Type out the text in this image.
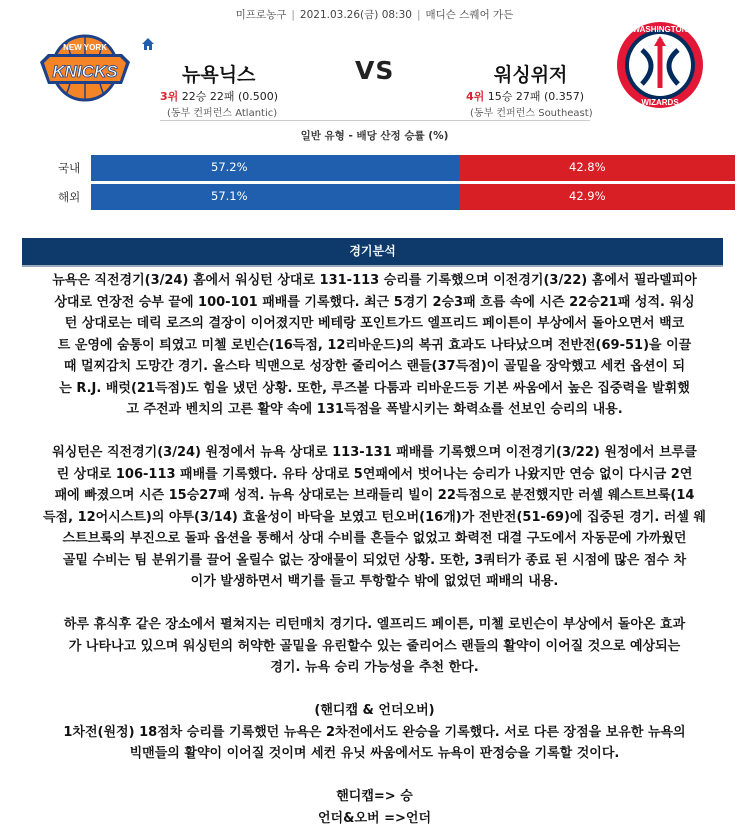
미프로농구 | 2021.03.26(금) 08:30 | 매디슨 스퀘어 가든
NEW YORK
KNICKS	뉴욕닉스
3위 22승 22패 (0.500)
(동부 컨퍼런스 Atlantic)
VS	워싱위저
4위 15승 27패 (0.357)
(동부 컨퍼런스 Southeast)
WASHINGTON
WIZARDS
일반 유형 - 배당 산정 승률 (%)
국내	57.2%	42.8%
해외	57.1%	42.9%
경기분석

뉴욕은 직전경기(3/24) 홈에서 워싱턴 상대로 131-113 승리를 기록했으며 이전경기(3/22) 홈에서 필라델피아

상대로 연장전 승부 끝에 100-101 패배를 기록했다. 최근 5경기 2승3패 흐름 속에 시즌 22승21패 성적. 워싱

턴 상대로는 데릭 로즈의 결장이 이어졌지만 베테랑 포인트가드 엘프리드 페이튼이 부상에서 돌아오면서 백코

트 운영에 숨통이 틔였고 미첼 로빈슨(16득점, 12리바운드)의 복귀 효과도 나타났으며 전반전(69-51)을 이끌

때 멀찌감치 도망간 경기. 올스타 빅맨으로 성장한 줄리어스 랜들(37득점)이 골밑을 장악했고 세컨 옵션이 되

는 R.J. 배럿(21득점)도 힘을 냈던 상황. 또한, 루즈볼 다툼과 리바운드등 기본 싸움에서 높은 집중력을 발휘했

고 주전과 벤치의 고른 활약 속에 131득점을 폭발시키는 화력쇼를 선보인 승리의 내용.

워싱턴은 직전경기(3/24) 원정에서 뉴욕 상대로 113-131 패배를 기록했으며 이전경기(3/22) 원정에서 브루클

린 상대로 106-113 패배를 기록했다. 유타 상대로 5연패에서 벗어나는 승리가 나왔지만 연승 없이 다시금 2연

패에 빠졌으며 시즌 15승27패 성적. 뉴욕 상대로는 브래들리 빌이 22득점으로 분전했지만 러셀 웨스트브룩(14

득점, 12어시스트)의 야투(3/14) 효율성이 바닥을 보였고 턴오버(16개)가 전반전(51-69)에 집중된 경기. 러셀 웨

스트브룩의 부진으로 돌파 옵션을 통해서 상대 수비를 흔들수 없었고 화력전 대결 구도에서 자동문에 가까웠던

골밑 수비는 팀 분위기를 끌어 올릴수 없는 장애물이 되었던 상황. 또한, 3쿼터가 종료 된 시점에 많은 점수 차

이가 발생하면서 백기를 들고 투항할수 밖에 없었던 패배의 내용.

하루 휴식후 같은 장소에서 펼쳐지는 리턴매치 경기다. 엘프리드 페이튼, 미첼 로빈슨이 부상에서 돌아온 효과

가 나타나고 있으며 워싱턴의 허약한 골밑을 유린할수 있는 줄리어스 랜들의 활약이 이어질 것으로 예상되는

경기. 뉴욕 승리 가능성을 추천 한다.

(핸디캡 & 언더오버)

1차전(원정) 18점차 승리를 기록했던 뉴욕은 2차전에서도 완승을 기록했다. 서로 다른 장점을 보유한 뉴욕의

빅맨들의 활약이 이어질 것이며 세컨 유닛 싸움에서도 뉴욕이 판정승을 기록할 것이다.

핸디캡=> 승

언더&오버 =>언더
